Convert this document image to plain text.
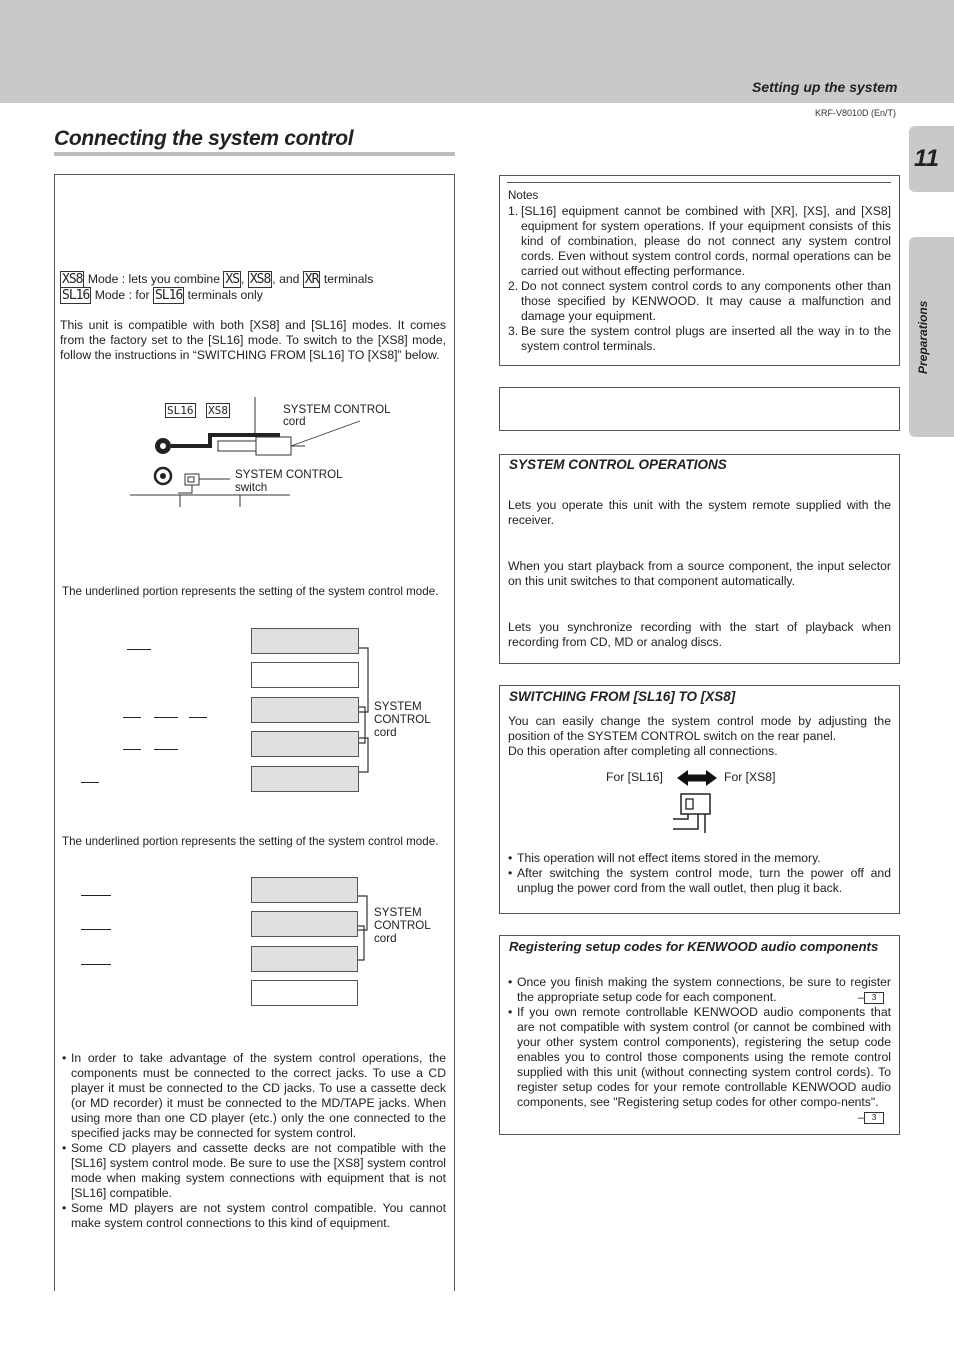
Setting up the system
KRF-V8010D (En/T)
11
Preparations
Connecting the system control
XS8 Mode : lets you combine XS , XS8 , and XR terminals
SL16 Mode : for SL16 terminals only
This unit is compatible with both [XS8] and [SL16] modes. It comes from the factory set to the [SL16] mode. To switch to the [XS8] mode, follow the instructions in “SWITCHING FROM [SL16] TO [XS8]” below.
SL16 XS8	SYSTEM CONTROL
cord
SYSTEM CONTROL
switch
The underlined portion represents the setting of the system control mode.
SYSTEM
CONTROL
cord
The underlined portion represents the setting of the system control mode.
SYSTEM
CONTROL
cord
• In order to take advantage of the system control operations, the components must be connected to the correct jacks. To use a CD player it must be connected to the CD jacks. To use a cassette deck (or MD recorder) it must be connected to the MD/TAPE jacks. When using more than one CD player (etc.) only the one connected to the specified jacks may be connected for system control.
• Some CD players and cassette decks are not compatible with the [SL16] system control mode. Be sure to use the [XS8] system control mode when making system connections with equipment that is not [SL16] compatible.
• Some MD players are not system control compatible. You cannot make system control connections to this kind of equipment.
Notes
1. [SL16] equipment cannot be combined with [XR], [XS], and [XS8] equipment for system operations. If your equipment consists of this kind of combination, please do not connect any system control cords. Even without system control cords, normal operations can be carried out without effecting performance.
2. Do not connect system control cords to any components other than those specified by KENWOOD. It may cause a malfunction and damage your equipment.
3. Be sure the system control plugs are inserted all the way in to the system control terminals.
SYSTEM CONTROL OPERATIONS
Lets you operate this unit with the system remote supplied with the receiver.
When you start playback from a source component, the input selector on this unit switches to that component automatically.
Lets you synchronize recording with the start of playback when recording from CD, MD or analog discs.
SWITCHING FROM [SL16] TO [XS8]
You can easily change the system control mode by adjusting the position of the SYSTEM CONTROL switch on the rear panel.
Do this operation after completing all connections.
For [SL16]	For [XS8]
• This operation will not effect items stored in the memory.
• After switching the system control mode, turn the power off and unplug the power cord from the wall outlet, then plug it back.
Registering setup codes for KENWOOD audio components
• Once you finish making the system connections, be sure to register the appropriate setup code for each component.
• If you own remote controllable KENWOOD audio components that are not compatible with system control (or cannot be combined with your other system control components), registering the setup code enables you to control those components using the remote control supplied with this unit (without connecting system control cords). To register setup codes for your remote controllable KENWOOD audio components, see "Registering setup codes for other compo-nents".
– 3
– 3
